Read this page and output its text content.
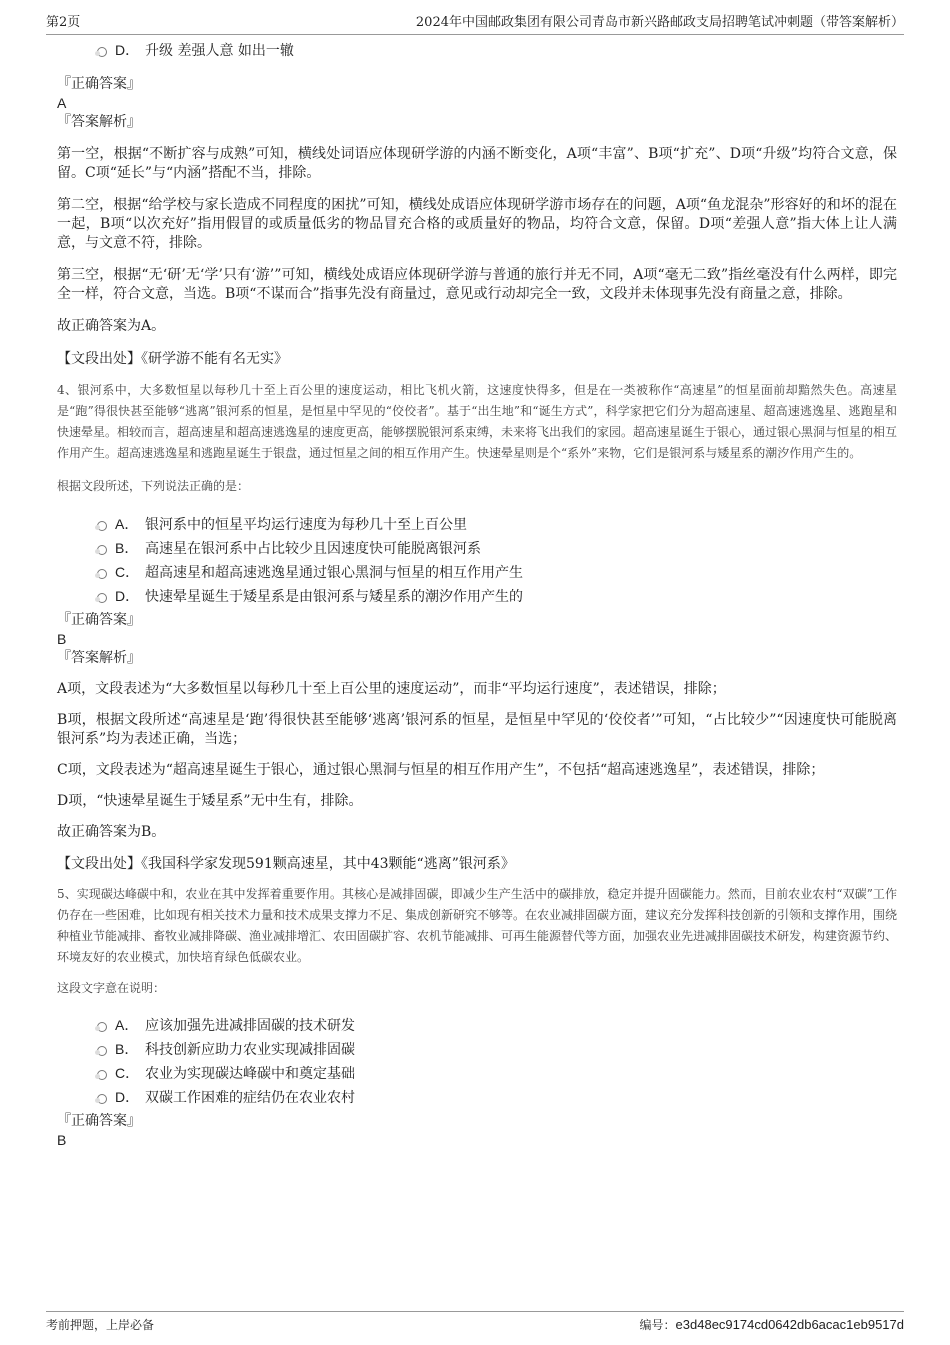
第2页	2024年中国邮政集团有限公司青岛市新兴路邮政支局招聘笔试冲刺题（带答案解析）
D． 升级 差强人意 如出一辙
『正确答案』
A
『答案解析』

第一空，根据“不断扩容与成熟”可知，横线处词语应体现研学游的内涵不断变化，A项“丰富”、B项“扩充”、D项“升级”均符合文意，保留。C项“延长”与“内涵”搭配不当，排除。

第二空，根据“给学校与家长造成不同程度的困扰”可知，横线处成语应体现研学游市场存在的问题，A项“鱼龙混杂”形容好的和坏的混在一起，B项“以次充好”指用假冒的或质量低劣的物品冒充合格的或质量好的物品，均符合文意，保留。D项“差强人意”指大体上让人满意，与文意不符，排除。

第三空，根据“无‘研’无‘学’只有‘游’”可知，横线处成语应体现研学游与普通的旅行并无不同，A项“毫无二致”指丝毫没有什么两样，即完全一样，符合文意，当选。B项“不谋而合”指事先没有商量过，意见或行动却完全一致，文段并未体现事先没有商量之意，排除。

故正确答案为A。

【文段出处】《研学游不能有名无实》

4、银河系中，大多数恒星以每秒几十至上百公里的速度运动，相比飞机火箭，这速度快得多，但是在一类被称作“高速星”的恒星面前却黯然失色。高速星是“跑”得很快甚至能够“逃离”银河系的恒星，是恒星中罕见的“佼佼者”。基于“出生地”和“诞生方式”，科学家把它们分为超高速星、超高速逃逸星、逃跑星和快速晕星。相较而言，超高速星和超高速逃逸星的速度更高，能够摆脱银河系束缚，未来将飞出我们的家园。超高速星诞生于银心，通过银心黑洞与恒星的相互作用产生。超高速逃逸星和逃跑星诞生于银盘，通过恒星之间的相互作用产生。快速晕星则是个“系外”来物，它们是银河系与矮星系的潮汐作用产生的。

根据文段所述，下列说法正确的是：

A． 银河系中的恒星平均运行速度为每秒几十至上百公里
B． 高速星在银河系中占比较少且因速度快可能脱离银河系
C． 超高速星和超高速逃逸星通过银心黑洞与恒星的相互作用产生
D． 快速晕星诞生于矮星系是由银河系与矮星系的潮汐作用产生的
『正确答案』
B
『答案解析』

A项，文段表述为“大多数恒星以每秒几十至上百公里的速度运动”，而非“平均运行速度”，表述错误，排除；

B项，根据文段所述“高速星是‘跑’得很快甚至能够‘逃离’银河系的恒星，是恒星中罕见的‘佼佼者’”可知，“占比较少”“因速度快可能脱离银河系”均为表述正确，当选；

C项，文段表述为“超高速星诞生于银心，通过银心黑洞与恒星的相互作用产生”，不包括“超高速逃逸星”，表述错误，排除；

D项，“快速晕星诞生于矮星系”无中生有，排除。

故正确答案为B。

【文段出处】《我国科学家发现591颗高速星，其中43颗能“逃离”银河系》

5、实现碳达峰碳中和，农业在其中发挥着重要作用。其核心是减排固碳，即减少生产生活中的碳排放，稳定并提升固碳能力。然而，目前农业农村“双碳”工作仍存在一些困难，比如现有相关技术力量和技术成果支撑力不足、集成创新研究不够等。在农业减排固碳方面，建议充分发挥科技创新的引领和支撑作用，围绕种植业节能减排、畜牧业减排降碳、渔业减排增汇、农田固碳扩容、农机节能减排、可再生能源替代等方面，加强农业先进减排固碳技术研发，构建资源节约、环境友好的农业模式，加快培育绿色低碳农业。

这段文字意在说明：

A． 应该加强先进减排固碳的技术研发
B． 科技创新应助力农业实现减排固碳
C． 农业为实现碳达峰碳中和奠定基础
D． 双碳工作困难的症结仍在农业农村
『正确答案』
B
考前押题，上岸必备	编号：e3d48ec9174cd0642db6acac1eb9517d
